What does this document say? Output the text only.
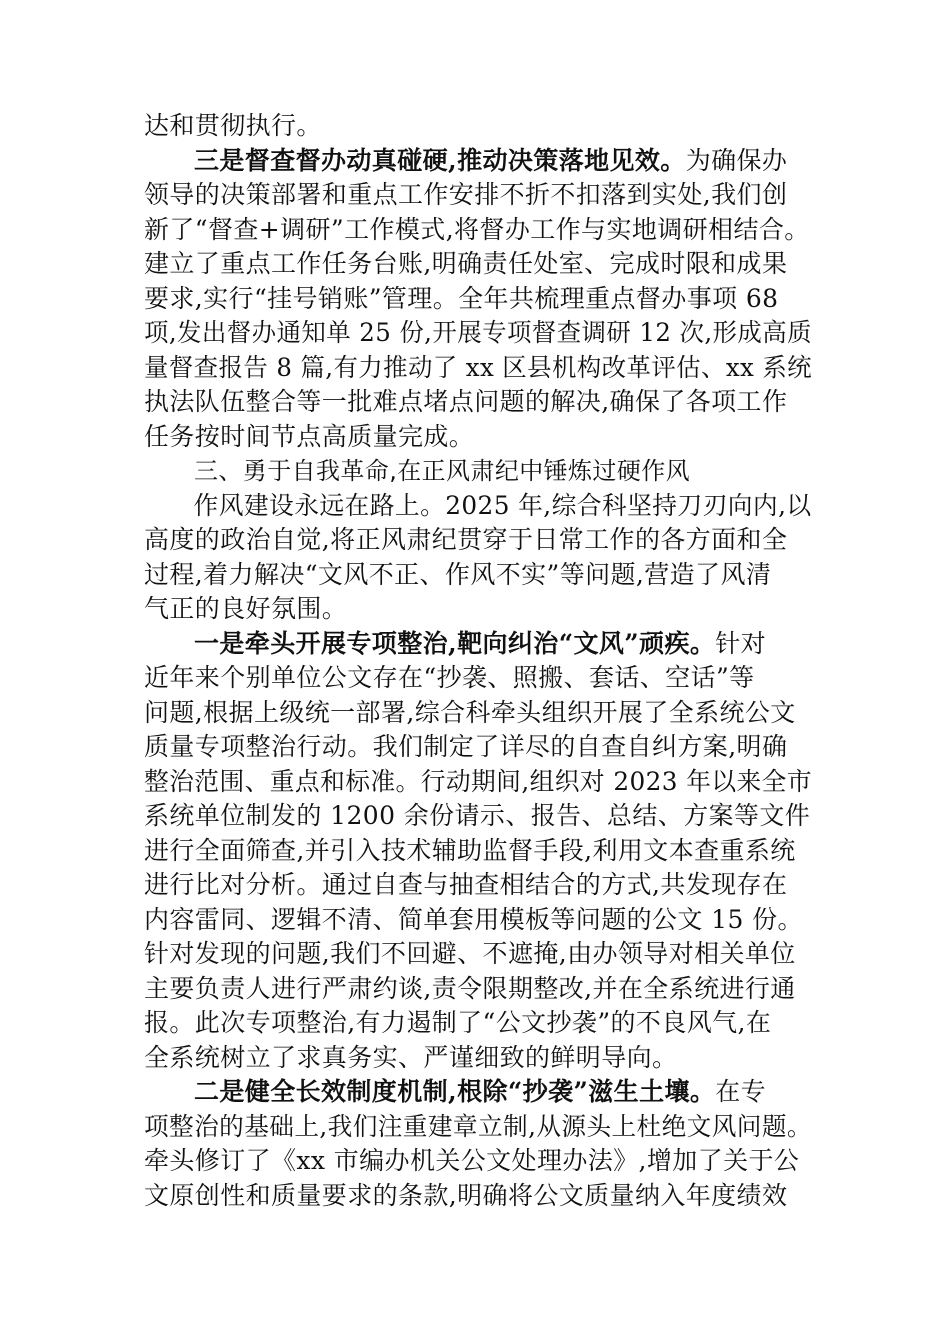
达和贯彻执行。
三是督查督办动真碰硬,推动决策落地见效。为确保办
领导的决策部署和重点工作安排不折不扣落到实处,我们创
新了“督查+调研”工作模式,将督办工作与实地调研相结合。
建立了重点工作任务台账,明确责任处室、完成时限和成果
要求,实行“挂号销账”管理。全年共梳理重点督办事项 68
项,发出督办通知单 25 份,开展专项督查调研 12 次,形成高质
量督查报告 8 篇,有力推动了 xx 区县机构改革评估、xx 系统
执法队伍整合等一批难点堵点问题的解决,确保了各项工作
任务按时间节点高质量完成。
三、勇于自我革命,在正风肃纪中锤炼过硬作风
作风建设永远在路上。2025 年,综合科坚持刀刃向内,以
高度的政治自觉,将正风肃纪贯穿于日常工作的各方面和全
过程,着力解决“文风不正、作风不实”等问题,营造了风清
气正的良好氛围。
一是牵头开展专项整治,靶向纠治“文风”顽疾。针对
近年来个别单位公文存在“抄袭、照搬、套话、空话”等
问题,根据上级统一部署,综合科牵头组织开展了全系统公文
质量专项整治行动。我们制定了详尽的自查自纠方案,明确
整治范围、重点和标准。行动期间,组织对 2023 年以来全市
系统单位制发的 1200 余份请示、报告、总结、方案等文件
进行全面筛查,并引入技术辅助监督手段,利用文本查重系统
进行比对分析。通过自查与抽查相结合的方式,共发现存在
内容雷同、逻辑不清、简单套用模板等问题的公文 15 份。
针对发现的问题,我们不回避、不遮掩,由办领导对相关单位
主要负责人进行严肃约谈,责令限期整改,并在全系统进行通
报。此次专项整治,有力遏制了“公文抄袭”的不良风气,在
全系统树立了求真务实、严谨细致的鲜明导向。
二是健全长效制度机制,根除“抄袭”滋生土壤。在专
项整治的基础上,我们注重建章立制,从源头上杜绝文风问题。
牵头修订了《xx 市编办机关公文处理办法》,增加了关于公
文原创性和质量要求的条款,明确将公文质量纳入年度绩效
